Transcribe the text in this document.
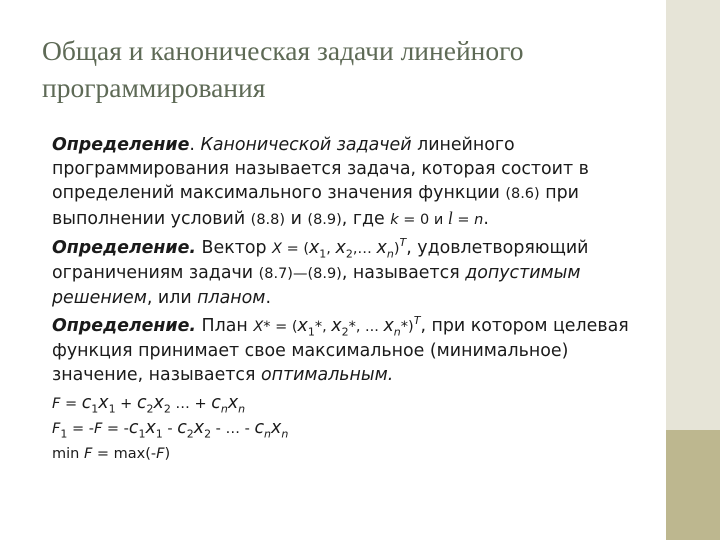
Общая и каноническая задачи линейного
программирования

Определение. Канонической задачей линейного программирования называется задача, которая состоит в определений максимального значения функции (8.6) при выполнении условий (8.8) и (8.9), где k = 0 и l = n.

Определение. Вектор $X = (x_1$, $x_2,\dots$ $x_n)^T$, удовлетворяющий

ограничениям задачи (8.7)—(8.9), называется допустимым решением, или планом.

Определение. План $X* = (x_1*$, $x_2*$, ... $x_n*)^T$, при котором целевая функция принимает свое максимальное (минимальное) значение, называется оптимальным.

$F = c_1x_1 + c_2x_2$ … + $c_nx_n$

$F_1 = -F = -c_1x_1 - c_2x_2$ - … - $c_nx_n$

min F = max(-F)
